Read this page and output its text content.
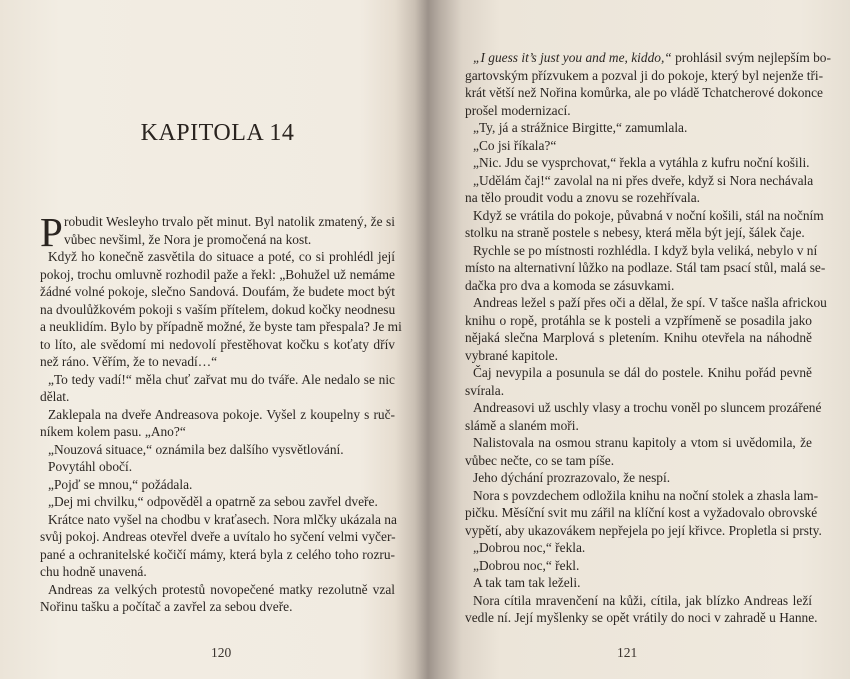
KAPITOLA 14
P robudit Wesleyho trvalo pět minut. Byl natolik zmatený, že si
vůbec nevšiml, že Nora je promočená na kost.
Když ho konečně zasvětila do situace a poté, co si prohlédl její
pokoj, trochu omluvně rozhodil paže a řekl: „Bohužel už nemáme
žádné volné pokoje, slečno Sandová. Doufám, že budete moct být
na dvoulůžkovém pokoji s vaším přítelem, dokud kočky neodnesu
a neuklidím. Bylo by případně možné, že byste tam přespala? Je mi
to líto, ale svědomí mi nedovolí přestěhovat kočku s koťaty dřív
než ráno. Věřím, že to nevadí…“
„To tedy vadí!“ měla chuť zařvat mu do tváře. Ale nedalo se nic
dělat.
Zaklepala na dveře Andreasova pokoje. Vyšel z koupelny s ruč-
níkem kolem pasu. „Ano?“
„Nouzová situace,“ oznámila bez dalšího vysvětlování.
Povytáhl obočí.
„Pojď se mnou,“ požádala.
„Dej mi chvilku,“ odpověděl a opatrně za sebou zavřel dveře.
Krátce nato vyšel na chodbu v kraťasech. Nora mlčky ukázala na
svůj pokoj. Andreas otevřel dveře a uvítalo ho syčení velmi vyčer-
pané a ochranitelské kočičí mámy, která byla z celého toho rozru-
chu hodně unavená.
Andreas za velkých protestů novopečené matky rezolutně vzal
Nořinu tašku a počítač a zavřel za sebou dveře.
120
„I guess it’s just you and me, kiddo,“ prohlásil svým nejlepším bo-
gartovským přízvukem a pozval ji do pokoje, který byl nejenže tři-
krát větší než Nořina komůrka, ale po vládě Tchatcherové dokonce
prošel modernizací.
„Ty, já a strážnice Birgitte,“ zamumlala.
„Co jsi říkala?“
„Nic. Jdu se vysprchovat,“ řekla a vytáhla z kufru noční košili.
„Udělám čaj!“ zavolal na ni přes dveře, když si Nora nechávala
na tělo proudit vodu a znovu se rozehřívala.
Když se vrátila do pokoje, půvabná v noční košili, stál na nočním
stolku na straně postele s nebesy, která měla být její, šálek čaje.
Rychle se po místnosti rozhlédla. I když byla veliká, nebylo v ní
místo na alternativní lůžko na podlaze. Stál tam psací stůl, malá se-
dačka pro dva a komoda se zásuvkami.
Andreas ležel s paží přes oči a dělal, že spí. V tašce našla africkou
knihu o ropě, protáhla se k posteli a vzpřímeně se posadila jako
nějaká slečna Marplová s pletením. Knihu otevřela na náhodně
vybrané kapitole.
Čaj nevypila a posunula se dál do postele. Knihu pořád pevně
svírala.
Andreasovi už uschly vlasy a trochu voněl po sluncem prozářené
slámě a slaném moři.
Nalistovala na osmou stranu kapitoly a vtom si uvědomila, že
vůbec nečte, co se tam píše.
Jeho dýchání prozrazovalo, že nespí.
Nora s povzdechem odložila knihu na noční stolek a zhasla lam-
pičku. Měsíční svit mu zářil na klíční kost a vyžadovalo obrovské
vypětí, aby ukazovákem nepřejela po její křivce. Propletla si prsty.
„Dobrou noc,“ řekla.
„Dobrou noc,“ řekl.
A tak tam tak leželi.
Nora cítila mravenčení na kůži, cítila, jak blízko Andreas leží
vedle ní. Její myšlenky se opět vrátily do noci v zahradě u Hanne.
121
